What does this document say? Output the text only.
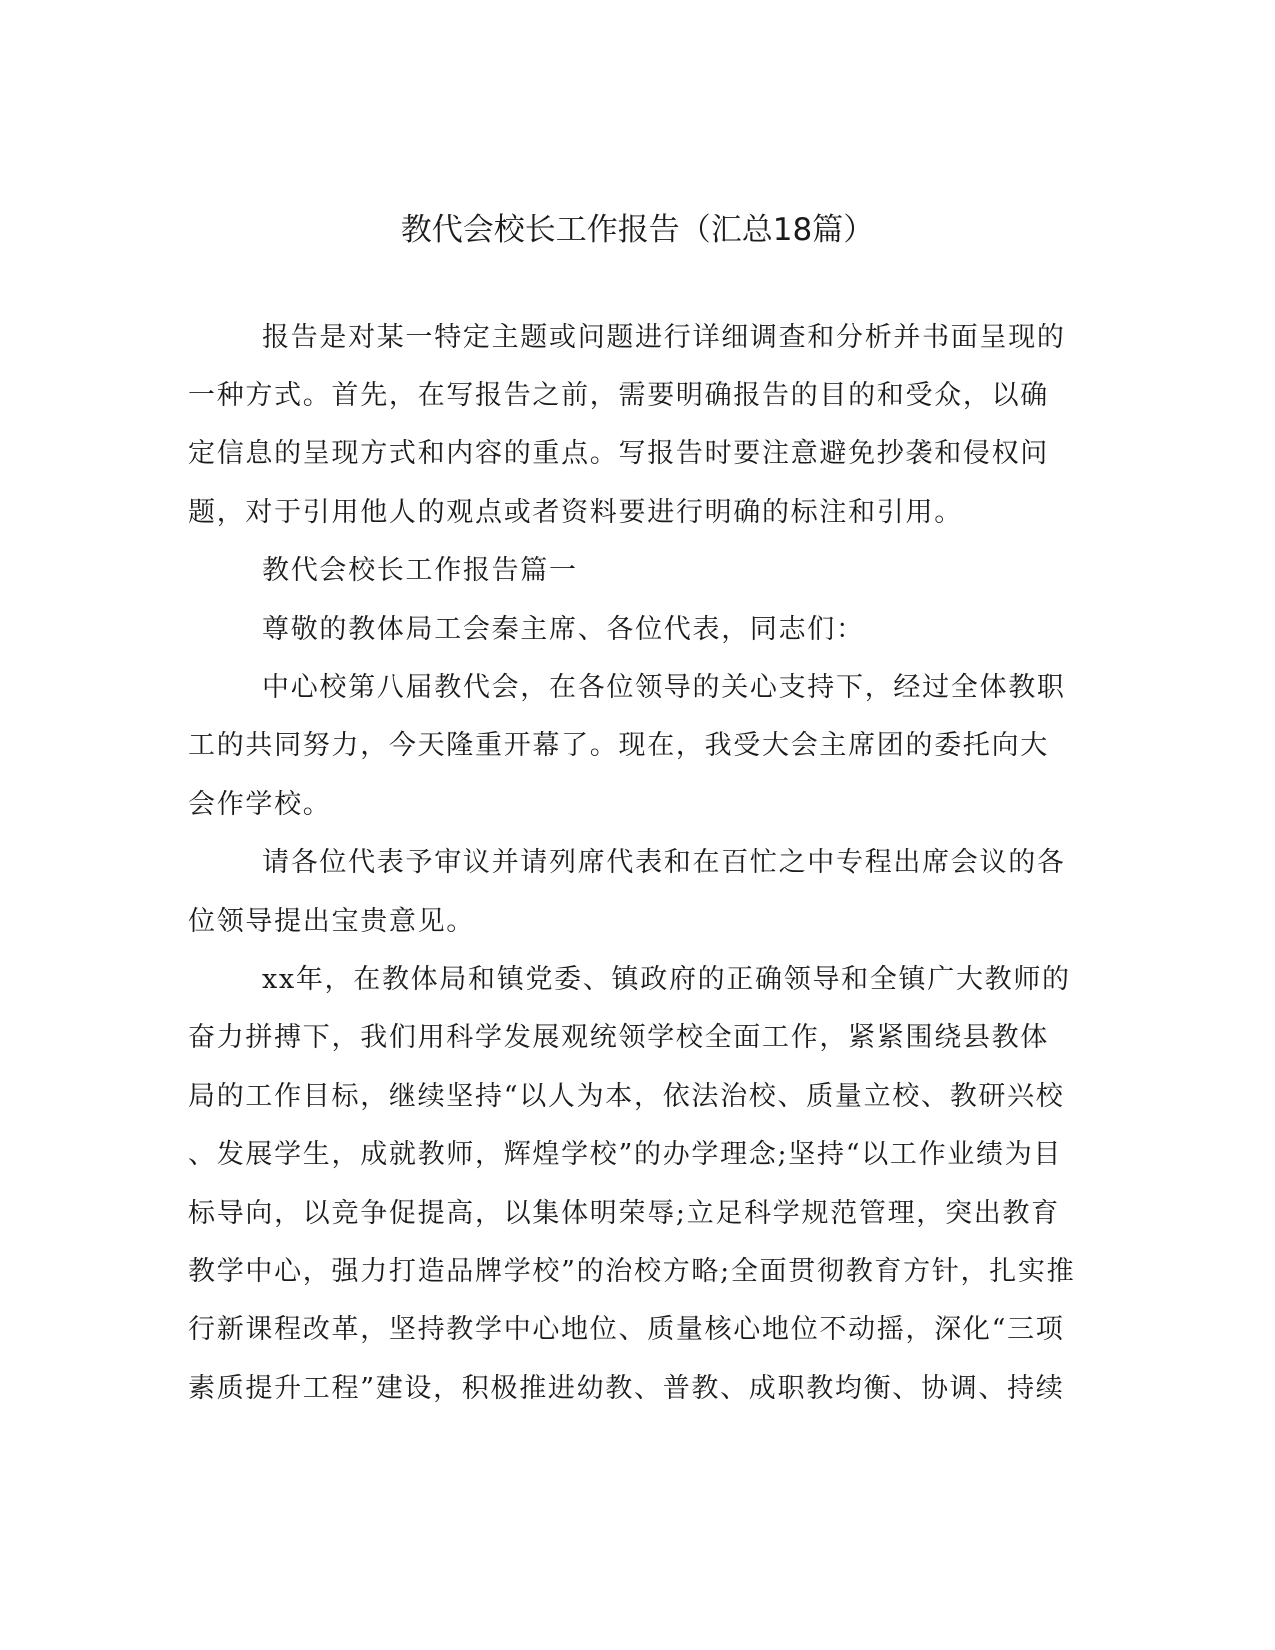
教代会校长工作报告（汇总18篇）
报告是对某一特定主题或问题进行详细调查和分析并书面呈现的
一种方式。首先，在写报告之前，需要明确报告的目的和受众，以确
定信息的呈现方式和内容的重点。写报告时要注意避免抄袭和侵权问
题，对于引用他人的观点或者资料要进行明确的标注和引用。
教代会校长工作报告篇一
尊敬的教体局工会秦主席、各位代表，同志们：
中心校第八届教代会，在各位领导的关心支持下，经过全体教职
工的共同努力，今天隆重开幕了。现在，我受大会主席团的委托向大
会作学校。
请各位代表予审议并请列席代表和在百忙之中专程出席会议的各
位领导提出宝贵意见。
xx年，在教体局和镇党委、镇政府的正确领导和全镇广大教师的
奋力拼搏下，我们用科学发展观统领学校全面工作，紧紧围绕县教体
局的工作目标，继续坚持“以人为本，依法治校、质量立校、教研兴校
、发展学生，成就教师，辉煌学校”的办学理念;坚持“以工作业绩为目
标导向，以竞争促提高，以集体明荣辱;立足科学规范管理，突出教育
教学中心，强力打造品牌学校”的治校方略;全面贯彻教育方针，扎实推
行新课程改革，坚持教学中心地位、质量核心地位不动摇，深化“三项
素质提升工程”建设，积极推进幼教、普教、成职教均衡、协调、持续
